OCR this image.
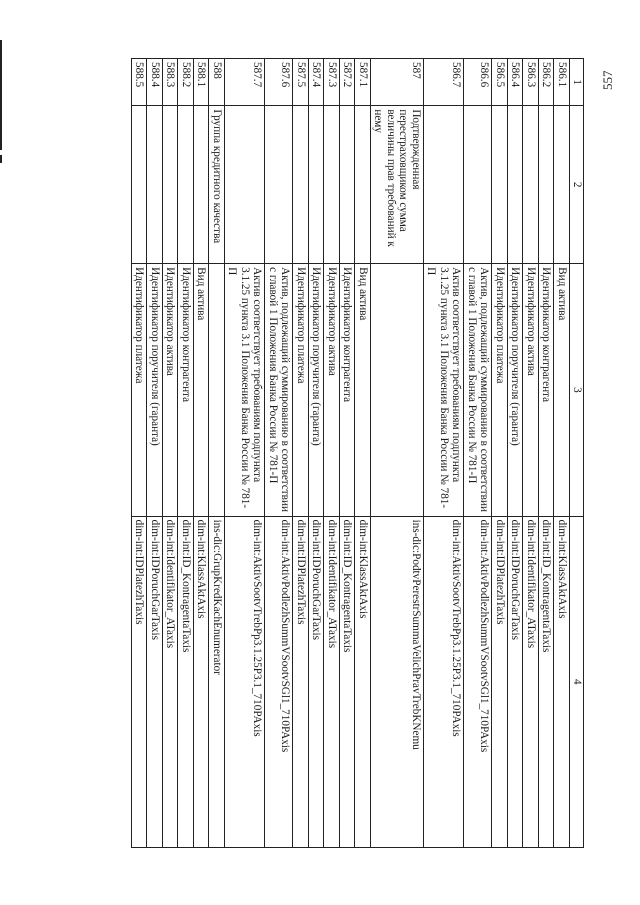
557
1	2	3	4
586.1		Вид актива	dim-int:KlassAktAxis
586.2		Идентификатор контрагента	dim-int:ID_KontragentaTaxis
586.3		Идентификатор актива	dim-int:Identifikator_ATaxis
586.4		Идентификатор поручителя (гаранта)	dim-int:IDPoruchGarTaxis
586.5		Идентификатор платежа	dim-int:IDPlatezhTaxis
586.6		Актив, подлежащий суммированию в соответствии с главой 1 Положения Банка России № 781-П	dim-int:AktivPodlezhSummVSootvSGl1_710PAxis
586.7		Актив соответствует требованиям подпункта 3.1.25 пункта 3.1 Положения Банка России № 781-П	dim-int:AktivSootvTrebPp3.1.25P3.1_710PAxis
587	Подтвержденная перестраховщиком сумма величины прав требований к нему		ins-dic:PodtvPerestrSummaVelichPravTrebKNemu
587.1		Вид актива	dim-int:KlassAktAxis
587.2		Идентификатор контрагента	dim-int:ID_KontragentaTaxis
587.3		Идентификатор актива	dim-int:Identifikator_ATaxis
587.4		Идентификатор поручителя (гаранта)	dim-int:IDPoruchGarTaxis
587.5		Идентификатор платежа	dim-int:IDPlatezhTaxis
587.6		Актив, подлежащий суммированию в соответствии с главой 1 Положения Банка России № 781-П	dim-int:AktivPodlezhSummVSootvSGl1_710PAxis
587.7		Актив соответствует требованиям подпункта 3.1.25 пункта 3.1 Положения Банка России № 781-П	dim-int:AktivSootvTrebPp3.1.25P3.1_710PAxis
588	Группа кредитного качества		ins-dic:GrupKredKachEnumerator
588.1		Вид актива	dim-int:KlassAktAxis
588.2		Идентификатор контрагента	dim-int:ID_KontragentaTaxis
588.3		Идентификатор актива	dim-int:Identifikator_ATaxis
588.4		Идентификатор поручителя (гаранта)	dim-int:IDPoruchGarTaxis
588.5		Идентификатор платежа	dim-int:IDPlatezhTaxis
